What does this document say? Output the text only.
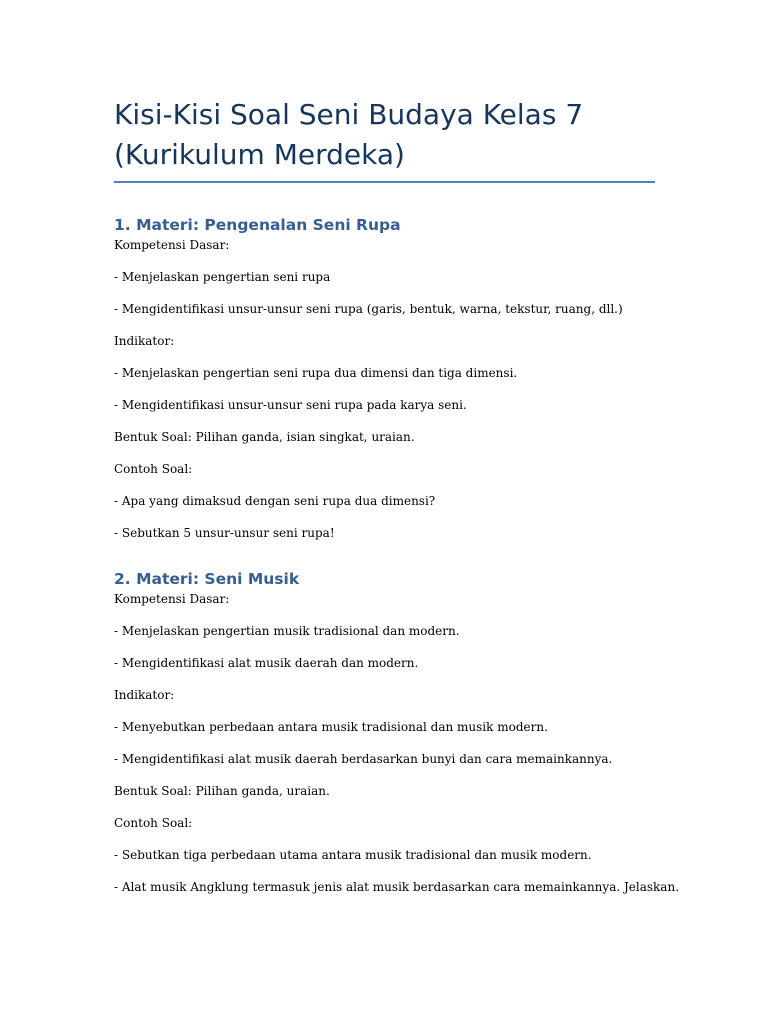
Kisi-Kisi Soal Seni Budaya Kelas 7 (Kurikulum Merdeka)
1. Materi: Pengenalan Seni Rupa

Kompetensi Dasar:

- Menjelaskan pengertian seni rupa

- Mengidentifikasi unsur-unsur seni rupa (garis, bentuk, warna, tekstur, ruang, dll.)

Indikator:

- Menjelaskan pengertian seni rupa dua dimensi dan tiga dimensi.

- Mengidentifikasi unsur-unsur seni rupa pada karya seni.

Bentuk Soal: Pilihan ganda, isian singkat, uraian.

Contoh Soal:

- Apa yang dimaksud dengan seni rupa dua dimensi?

- Sebutkan 5 unsur-unsur seni rupa!

2. Materi: Seni Musik

Kompetensi Dasar:

- Menjelaskan pengertian musik tradisional dan modern.

- Mengidentifikasi alat musik daerah dan modern.

Indikator:

- Menyebutkan perbedaan antara musik tradisional dan musik modern.

- Mengidentifikasi alat musik daerah berdasarkan bunyi dan cara memainkannya.

Bentuk Soal: Pilihan ganda, uraian.

Contoh Soal:

- Sebutkan tiga perbedaan utama antara musik tradisional dan musik modern.

- Alat musik Angklung termasuk jenis alat musik berdasarkan cara memainkannya. Jelaskan.
